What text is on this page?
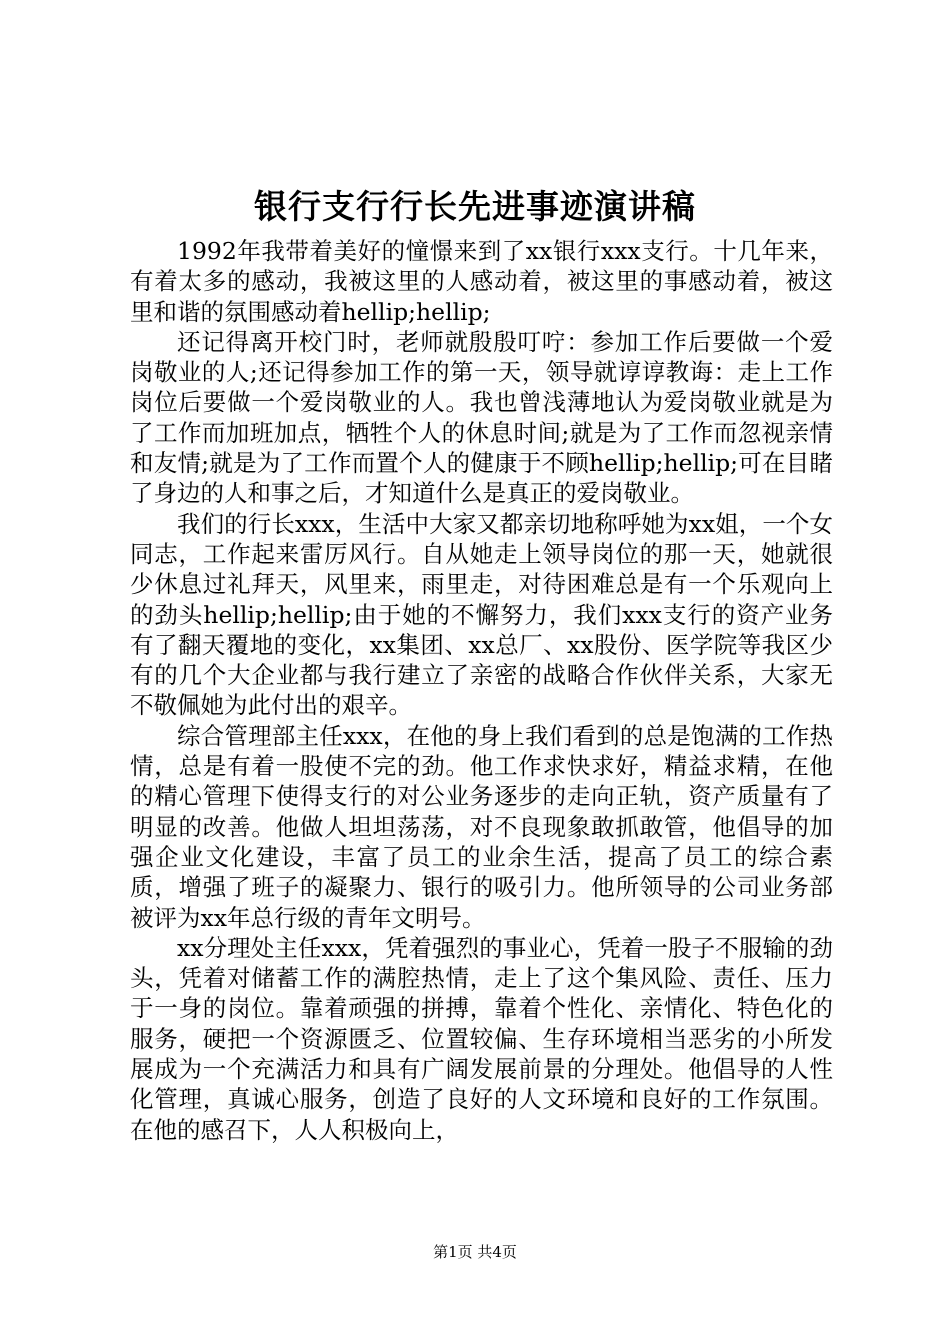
银行支行行长先进事迹演讲稿

1992年我带着美好的憧憬来到了xx银行xxx支行。十几年来，有着太多的感动，我被这里的人感动着，被这里的事感动着，被这里和谐的氛围感动着hellip;hellip;

还记得离开校门时，老师就殷殷叮咛：参加工作后要做一个爱岗敬业的人;还记得参加工作的第一天，领导就谆谆教诲：走上工作岗位后要做一个爱岗敬业的人。我也曾浅薄地认为爱岗敬业就是为了工作而加班加点，牺牲个人的休息时间;就是为了工作而忽视亲情和友情;就是为了工作而置个人的健康于不顾hellip;hellip;可在目睹了身边的人和事之后，才知道什么是真正的爱岗敬业。

我们的行长xxx，生活中大家又都亲切地称呼她为xx姐，一个女同志，工作起来雷厉风行。自从她走上领导岗位的那一天，她就很少休息过礼拜天，风里来，雨里走，对待困难总是有一个乐观向上的劲头hellip;hellip;由于她的不懈努力，我们xxx支行的资产业务有了翻天覆地的变化，xx集团、xx总厂、xx股份、医学院等我区少有的几个大企业都与我行建立了亲密的战略合作伙伴关系，大家无不敬佩她为此付出的艰辛。

综合管理部主任xxx，在他的身上我们看到的总是饱满的工作热情，总是有着一股使不完的劲。他工作求快求好，精益求精，在他的精心管理下使得支行的对公业务逐步的走向正轨，资产质量有了明显的改善。他做人坦坦荡荡，对不良现象敢抓敢管，他倡导的加强企业文化建设，丰富了员工的业余生活，提高了员工的综合素质，增强了班子的凝聚力、银行的吸引力。他所领导的公司业务部被评为xx年总行级的青年文明号。

xx分理处主任xxx，凭着强烈的事业心，凭着一股子不服输的劲头，凭着对储蓄工作的满腔热情，走上了这个集风险、责任、压力于一身的岗位。靠着顽强的拼搏，靠着个性化、亲情化、特色化的服务，硬把一个资源匮乏、位置较偏、生存环境相当恶劣的小所发展成为一个充满活力和具有广阔发展前景的分理处。他倡导的人性化管理，真诚心服务，创造了良好的人文环境和良好的工作氛围。在他的感召下，人人积极向上，

第1页 共4页
